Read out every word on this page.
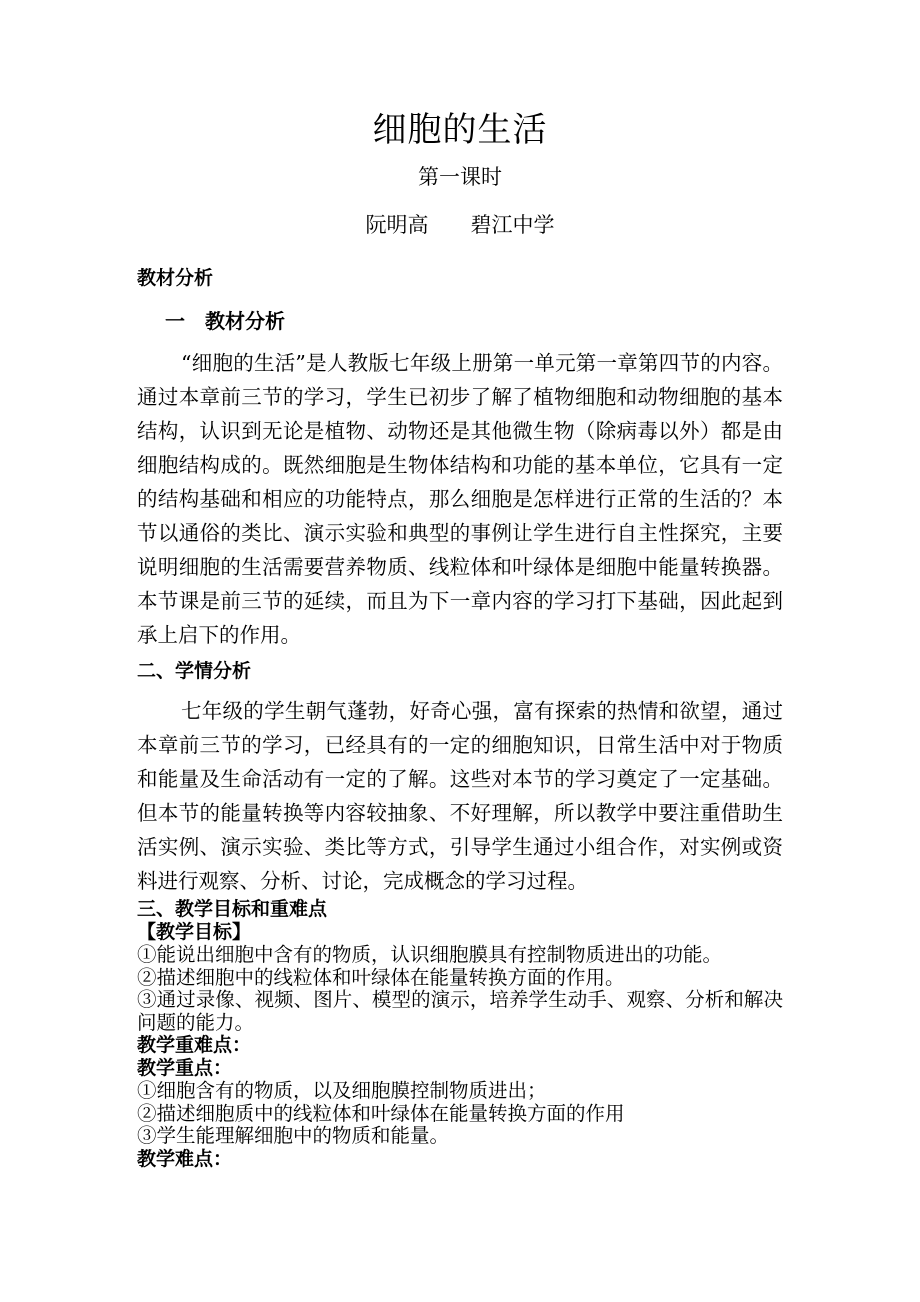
细胞的生活
第一课时
阮明高　　碧江中学
教材分析
一　教材分析

“细胞的生活”是人教版七年级上册第一单元第一章第四节的内容。通过本章前三节的学习，学生已初步了解了植物细胞和动物细胞的基本结构，认识到无论是植物、动物还是其他微生物（除病毒以外）都是由细胞结构成的。既然细胞是生物体结构和功能的基本单位，它具有一定的结构基础和相应的功能特点，那么细胞是怎样进行正常的生活的？本节以通俗的类比、演示实验和典型的事例让学生进行自主性探究，主要说明细胞的生活需要营养物质、线粒体和叶绿体是细胞中能量转换器。本节课是前三节的延续，而且为下一章内容的学习打下基础，因此起到承上启下的作用。

二、学情分析

七年级的学生朝气蓬勃，好奇心强，富有探索的热情和欲望，通过本章前三节的学习，已经具有的一定的细胞知识，日常生活中对于物质和能量及生命活动有一定的了解。这些对本节的学习奠定了一定基础。但本节的能量转换等内容较抽象、不好理解，所以教学中要注重借助生活实例、演示实验、类比等方式，引导学生通过小组合作，对实例或资料进行观察、分析、讨论，完成概念的学习过程。

三、教学目标和重难点
【教学目标】
①能说出细胞中含有的物质，认识细胞膜具有控制物质进出的功能。
②描述细胞中的线粒体和叶绿体在能量转换方面的作用。
③通过录像、视频、图片、模型的演示，培养学生动手、观察、分析和解决问题的能力。
教学重难点：
教学重点：
①细胞含有的物质，以及细胞膜控制物质进出；
②描述细胞质中的线粒体和叶绿体在能量转换方面的作用
③学生能理解细胞中的物质和能量。
教学难点：
